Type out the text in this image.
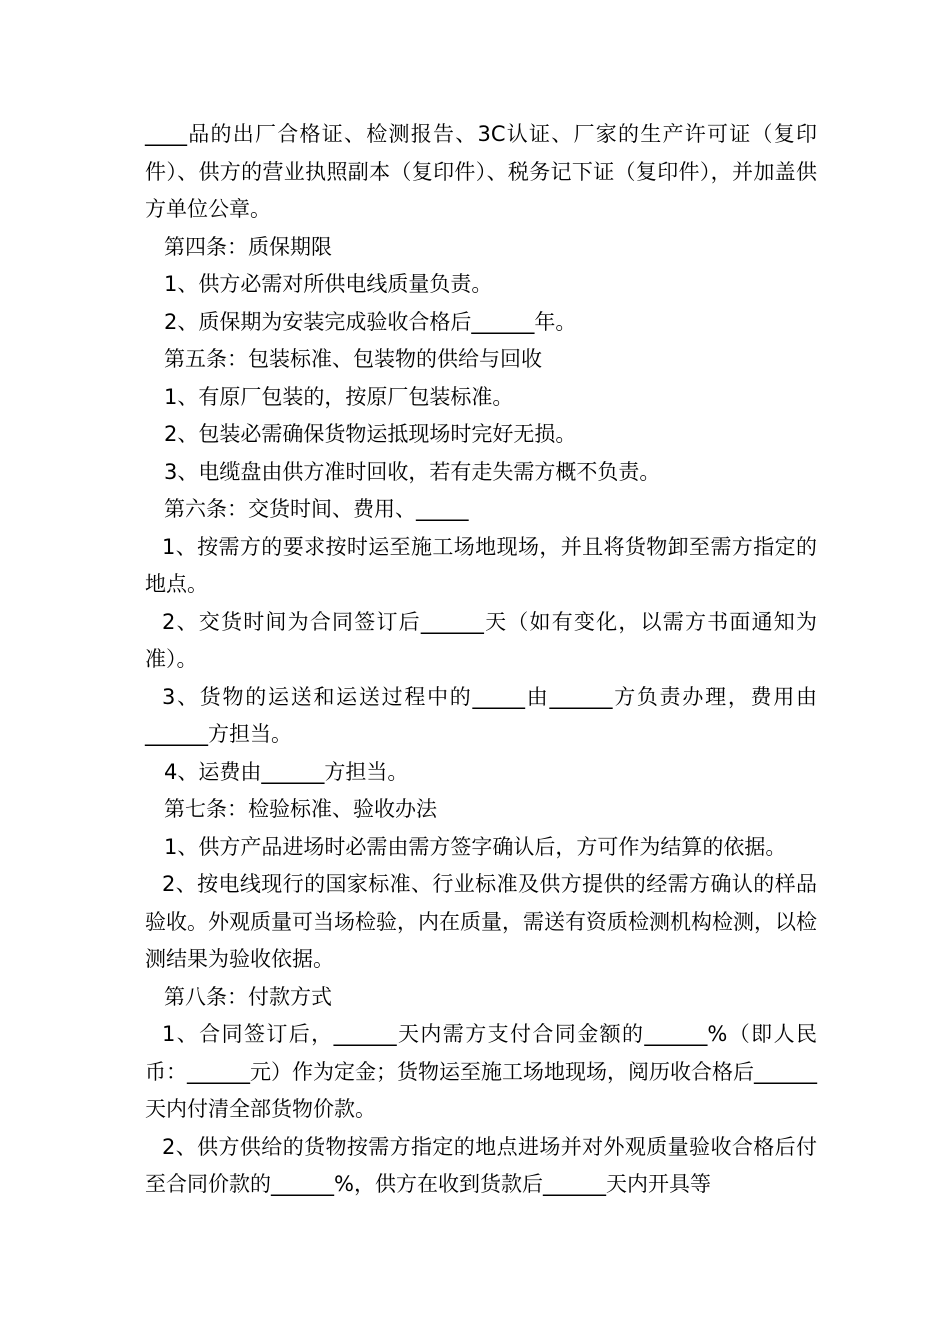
____品的出厂合格证、检测报告、3C认证、厂家的生产许可证（复印件）、供方的营业执照副本（复印件）、税务记下证（复印件），并加盖供方单位公章。

第四条：质保期限

1、供方必需对所供电线质量负责。

2、质保期为安装完成验收合格后______年。

第五条：包装标准、包装物的供给与回收

1、有原厂包装的，按原厂包装标准。

2、包装必需确保货物运抵现场时完好无损。

3、电缆盘由供方准时回收，若有走失需方概不负责。

第六条：交货时间、费用、_____

1、按需方的要求按时运至施工场地现场，并且将货物卸至需方指定的地点。

2、交货时间为合同签订后______天（如有变化，以需方书面通知为准）。

3、货物的运送和运送过程中的_____由______方负责办理，费用由______方担当。

4、运费由______方担当。

第七条：检验标准、验收办法

1、供方产品进场时必需由需方签字确认后，方可作为结算的依据。

2、按电线现行的国家标准、行业标准及供方提供的经需方确认的样品验收。外观质量可当场检验，内在质量，需送有资质检测机构检测，以检测结果为验收依据。

第八条：付款方式

1、合同签订后，______天内需方支付合同金额的______%（即人民币：______元）作为定金；货物运至施工场地现场，阅历收合格后______天内付清全部货物价款。

2、供方供给的货物按需方指定的地点进场并对外观质量验收合格后付至合同价款的______%，供方在收到货款后______天内开具等
